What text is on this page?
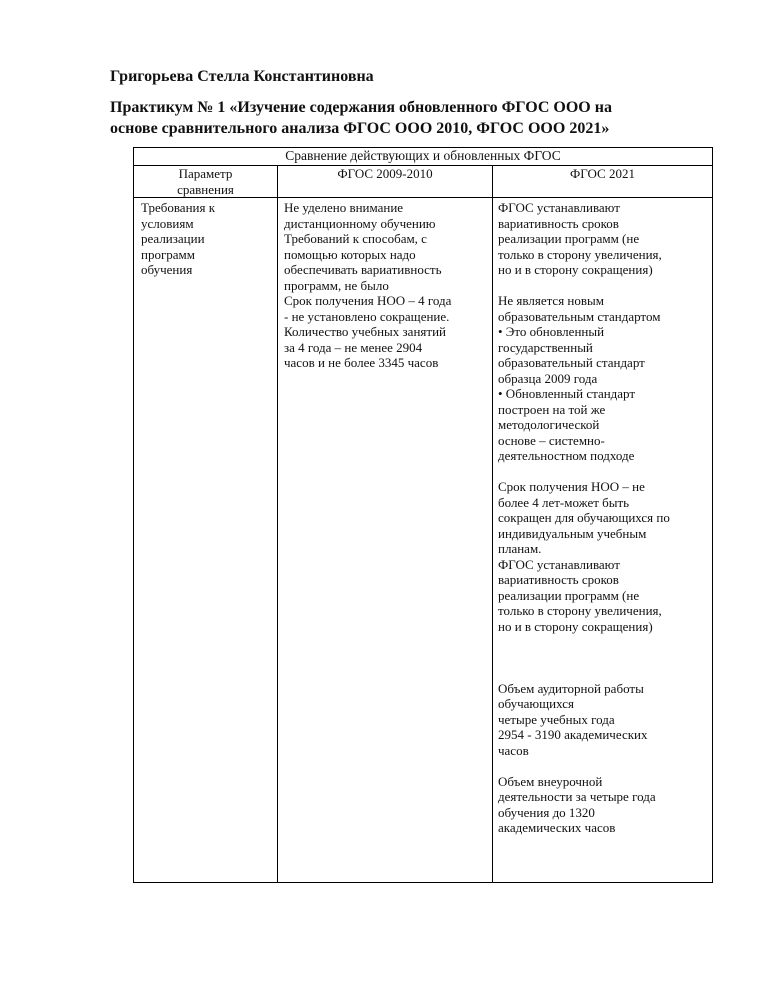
Григорьева Стелла Константиновна
Практикум № 1 «Изучение содержания обновленного ФГОС ООО на
основе сравнительного анализа ФГОС ООО 2010, ФГОС ООО 2021»
Сравнение действующих и обновленных ФГОС
Параметр
сравнения
ФГОС 2009-2010	ФГОС 2021
Требования к
условиям
реализации
программ
обучения
Не уделено внимание
дистанционному обучению
Требований к способам, с
помощью которых надо
обеспечивать вариативность
программ, не было
Срок получения НОО – 4 года
- не установлено сокращение.
Количество учебных занятий
за 4 года – не менее 2904
часов и не более 3345 часов
ФГОС устанавливают
вариативность сроков
реализации программ (не
только в сторону увеличения,
но и в сторону сокращения)
Не является новым
образовательным стандартом
• Это обновленный
государственный
образовательный стандарт
образца 2009 года
• Обновленный стандарт
построен на той же
методологической
основе – системно-
деятельностном подходе
Срок получения НОО – не
более 4 лет-может быть
сокращен для обучающихся по
индивидуальным учебным
планам.
ФГОС устанавливают
вариативность сроков
реализации программ (не
только в сторону увеличения,
но и в сторону сокращения)
Объем аудиторной работы
обучающихся
четыре учебных года
2954 - 3190 академических
часов
Объем внеурочной
деятельности за четыре года
обучения до 1320
академических часов
